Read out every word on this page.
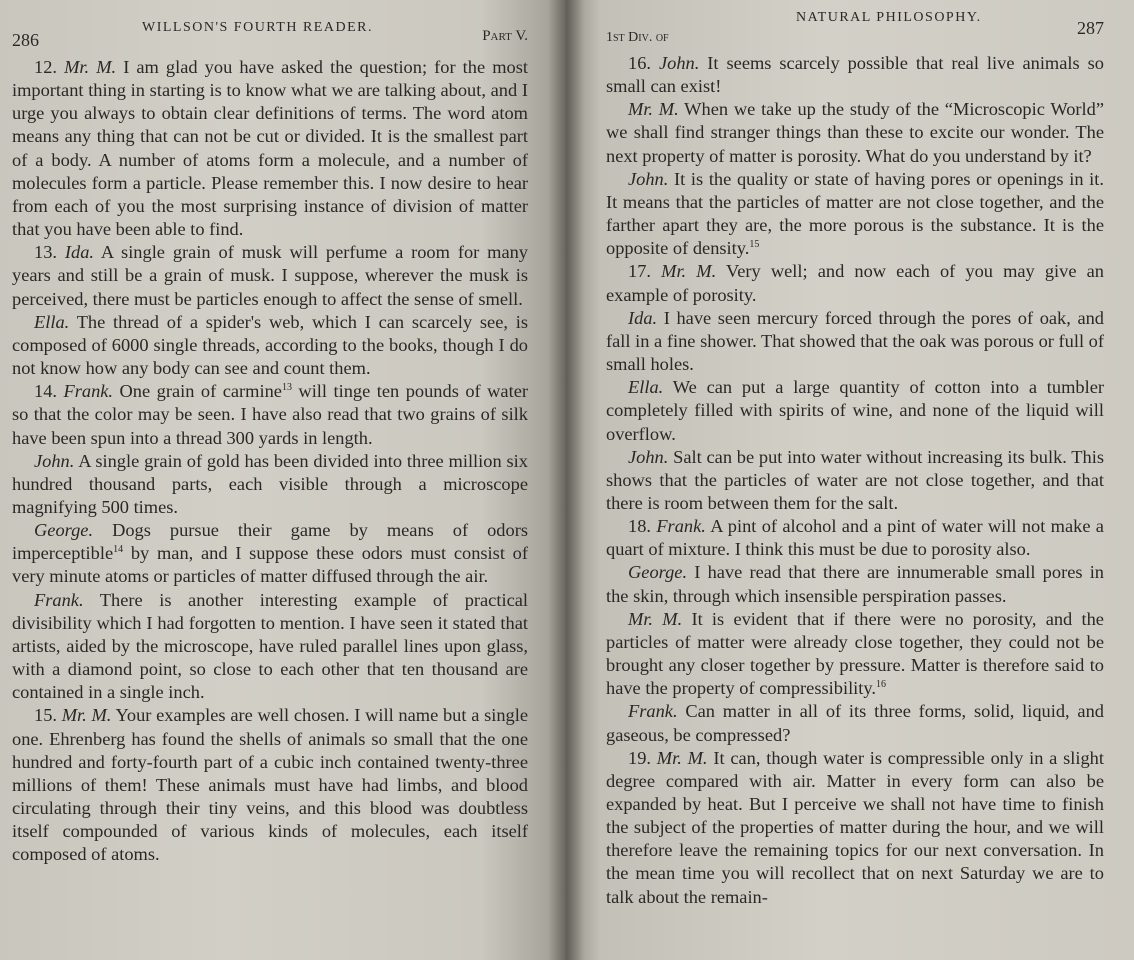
286
WILLSON'S FOURTH READER.
Part V.

12. Mr. M. I am glad you have asked the question; for the most important thing in starting is to know what we are talking about, and I urge you always to obtain clear definitions of terms. The word atom means any thing that can not be cut or divided. It is the smallest part of a body. A number of atoms form a molecule, and a number of molecules form a particle. Please remember this. I now desire to hear from each of you the most surprising instance of division of matter that you have been able to find.

13. Ida. A single grain of musk will perfume a room for many years and still be a grain of musk. I suppose, wherever the musk is perceived, there must be particles enough to affect the sense of smell.

Ella. The thread of a spider's web, which I can scarcely see, is composed of 6000 single threads, according to the books, though I do not know how any body can see and count them.

14. Frank. One grain of carmine$^{13}$ will tinge ten pounds of water so that the color may be seen. I have also read that two grains of silk have been spun into a thread 300 yards in length.

John. A single grain of gold has been divided into three million six hundred thousand parts, each visible through a microscope magnifying 500 times.

George. Dogs pursue their game by means of odors imperceptible$^{14}$ by man, and I suppose these odors must consist of very minute atoms or particles of matter diffused through the air.

Frank. There is another interesting example of practical divisibility which I had forgotten to mention. I have seen it stated that artists, aided by the microscope, have ruled parallel lines upon glass, with a diamond point, so close to each other that ten thousand are contained in a single inch.

15. Mr. M. Your examples are well chosen. I will name but a single one. Ehrenberg has found the shells of animals so small that the one hundred and forty-fourth part of a cubic inch contained twenty-three millions of them! These animals must have had limbs, and blood circulating through their tiny veins, and this blood was doubtless itself compounded of various kinds of molecules, each itself composed of atoms.

1st Div. of
NATURAL PHILOSOPHY.
287

16. John. It seems scarcely possible that real live animals so small can exist!

Mr. M. When we take up the study of the “Microscopic World” we shall find stranger things than these to excite our wonder. The next property of matter is porosity. What do you understand by it?

John. It is the quality or state of having pores or openings in it. It means that the particles of matter are not close together, and the farther apart they are, the more porous is the substance. It is the opposite of density.$^{15}$

17. Mr. M. Very well; and now each of you may give an example of porosity.

Ida. I have seen mercury forced through the pores of oak, and fall in a fine shower. That showed that the oak was porous or full of small holes.

Ella. We can put a large quantity of cotton into a tumbler completely filled with spirits of wine, and none of the liquid will overflow.

John. Salt can be put into water without increasing its bulk. This shows that the particles of water are not close together, and that there is room between them for the salt.

18. Frank. A pint of alcohol and a pint of water will not make a quart of mixture. I think this must be due to porosity also.

George. I have read that there are innumerable small pores in the skin, through which insensible perspiration passes.

Mr. M. It is evident that if there were no porosity, and the particles of matter were already close together, they could not be brought any closer together by pressure. Matter is therefore said to have the property of compressibility.$^{16}$

Frank. Can matter in all of its three forms, solid, liquid, and gaseous, be compressed?

19. Mr. M. It can, though water is compressible only in a slight degree compared with air. Matter in every form can also be expanded by heat. But I perceive we shall not have time to finish the subject of the properties of matter during the hour, and we will therefore leave the remaining topics for our next conversation. In the mean time you will recollect that on next Saturday we are to talk about the remain-
